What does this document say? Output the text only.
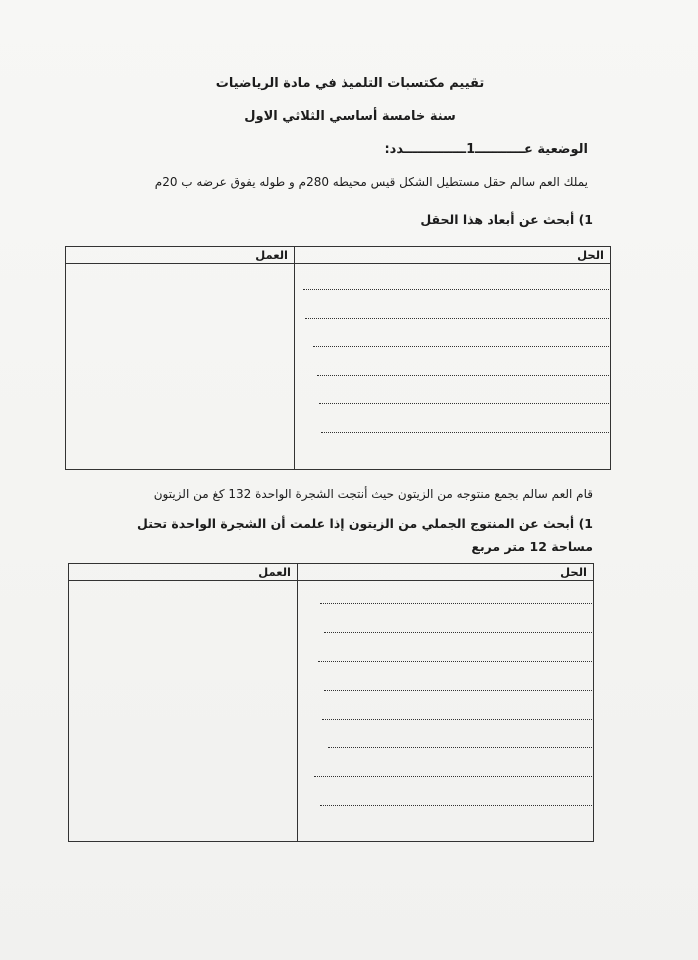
تقييم مكتسبات التلميذ في مادة الرياضيات
سنة خامسة أساسي الثلاثي الاول
الوضعية عـــــــــــ1ــــــــــــــدد:
يملك العم سالم حقل مستطيل الشكل قيس محيطه 280م و طوله يفوق عرضه ب 20م
1) أبحث عن أبعاد هذا الحقل
العمل	الحل

قام العم سالم بجمع منتوجه من الزيتون حيث أنتجت الشجرة الواحدة 132 كغ من الزيتون
1) أبحث عن المنتوج الجملي من الزيتون إذا علمت أن الشجرة الواحدة تحتل مساحة 12 متر مربع
العمل	الحل
